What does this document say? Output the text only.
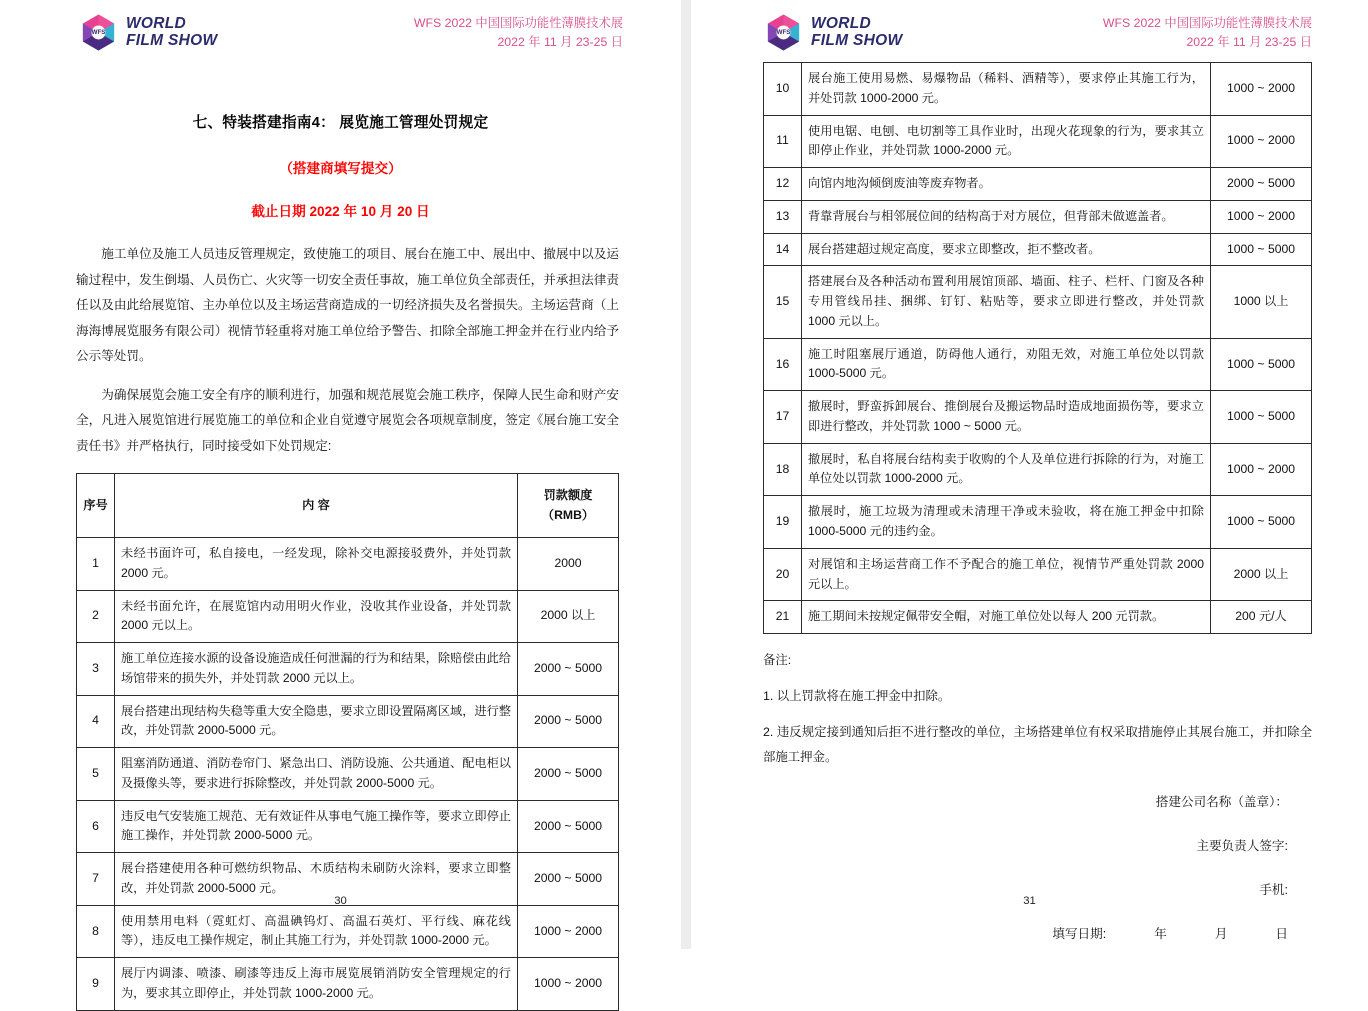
WFS
WORLD
FILM SHOW
WFS 2022 中国国际功能性薄膜技术展
2022 年 11 月 23-25 日
七、特装搭建指南4： 展览施工管理处罚规定
（搭建商填写提交）
截止日期 2022 年 10 月 20 日

施工单位及施工人员违反管理规定，致使施工的项目、展台在施工中、展出中、撤展中以及运输过程中，发生倒塌、人员伤亡、火灾等一切安全责任事故，施工单位负全部责任，并承担法律责任以及由此给展览馆、主办单位以及主场运营商造成的一切经济损失及名誉损失。主场运营商（上海海博展览服务有限公司）视情节轻重将对施工单位给予警告、扣除全部施工押金并在行业内给予公示等处罚。

为确保展览会施工安全有序的顺利进行，加强和规范展览会施工秩序，保障人民生命和财产安全，凡进入展览馆进行展览施工的单位和企业自觉遵守展览会各项规章制度，签定《展台施工安全责任书》并严格执行，同时接受如下处罚规定:

序号	内 容	罚款额度
（RMB）

1	未经书面许可，私自接电，一经发现，除补交电源接驳费外，并处罚款 2000 元。	2000
2	未经书面允许，在展览馆内动用明火作业，没收其作业设备，并处罚款 2000 元以上。	2000 以上
3	施工单位连接水源的设备设施造成任何泄漏的行为和结果，除赔偿由此给场馆带来的损失外，并处罚款 2000 元以上。	2000 ~ 5000
4	展台搭建出现结构失稳等重大安全隐患，要求立即设置隔离区域，进行整改，并处罚款 2000-5000 元。	2000 ~ 5000
5	阻塞消防通道、消防卷帘门、紧急出口、消防设施、公共通道、配电柜以及摄像头等，要求进行拆除整改，并处罚款 2000-5000 元。	2000 ~ 5000
6	违反电气安装施工规范、无有效证件从事电气施工操作等，要求立即停止施工操作，并处罚款 2000-5000 元。	2000 ~ 5000
7	展台搭建使用各种可燃纺织物品、木质结构未刷防火涂料，要求立即整改，并处罚款 2000-5000 元。	2000 ~ 5000
8	使用禁用电料（霓虹灯、高温碘钨灯、高温石英灯、平行线、麻花线等），违反电工操作规定，制止其施工行为，并处罚款 1000-2000 元。	1000 ~ 2000
9	展厅内调漆、喷漆、刷漆等违反上海市展览展销消防安全管理规定的行为，要求其立即停止，并处罚款 1000-2000 元。	1000 ~ 2000
30
WFS
WORLD
FILM SHOW
WFS 2022 中国国际功能性薄膜技术展
2022 年 11 月 23-25 日
10	展台施工使用易燃、易爆物品（稀料、酒精等），要求停止其施工行为，并处罚款 1000-2000 元。	1000 ~ 2000
11	使用电锯、电刨、电切割等工具作业时，出现火花现象的行为，要求其立即停止作业，并处罚款 1000-2000 元。	1000 ~ 2000
12	向馆内地沟倾倒废油等废弃物者。	2000 ~ 5000
13	背靠背展台与相邻展位间的结构高于对方展位，但背部未做遮盖者。	1000 ~ 2000
14	展台搭建超过规定高度，要求立即整改，拒不整改者。	1000 ~ 5000
15	搭建展台及各种活动布置利用展馆顶部、墙面、柱子、栏杆、门窗及各种专用管线吊挂、捆绑、钉钉、粘贴等，要求立即进行整改，并处罚款 1000 元以上。	1000 以上
16	施工时阻塞展厅通道，防碍他人通行，劝阻无效，对施工单位处以罚款 1000-5000 元。	1000 ~ 5000
17	撤展时，野蛮拆卸展台、推倒展台及搬运物品时造成地面损伤等，要求立即进行整改，并处罚款 1000 ~ 5000 元。	1000 ~ 5000
18	撤展时，私自将展台结构卖于收购的个人及单位进行拆除的行为，对施工单位处以罚款 1000-2000 元。	1000 ~ 2000
19	撤展时，施工垃圾为清理或未清理干净或未验收，将在施工押金中扣除 1000-5000 元的违约金。	1000 ~ 5000
20	对展馆和主场运营商工作不予配合的施工单位，视情节严重处罚款 2000 元以上。	2000 以上
21	施工期间未按规定佩带安全帽，对施工单位处以每人 200 元罚款。	200 元/人

备注:

1. 以上罚款将在施工押金中扣除。

2. 违反规定接到通知后拒不进行整改的单位，主场搭建单位有权采取措施停止其展台施工，并扣除全部施工押金。

搭建公司名称（盖章）：
主要负责人签字:
手机:
填写日期:	年	月	日
31
